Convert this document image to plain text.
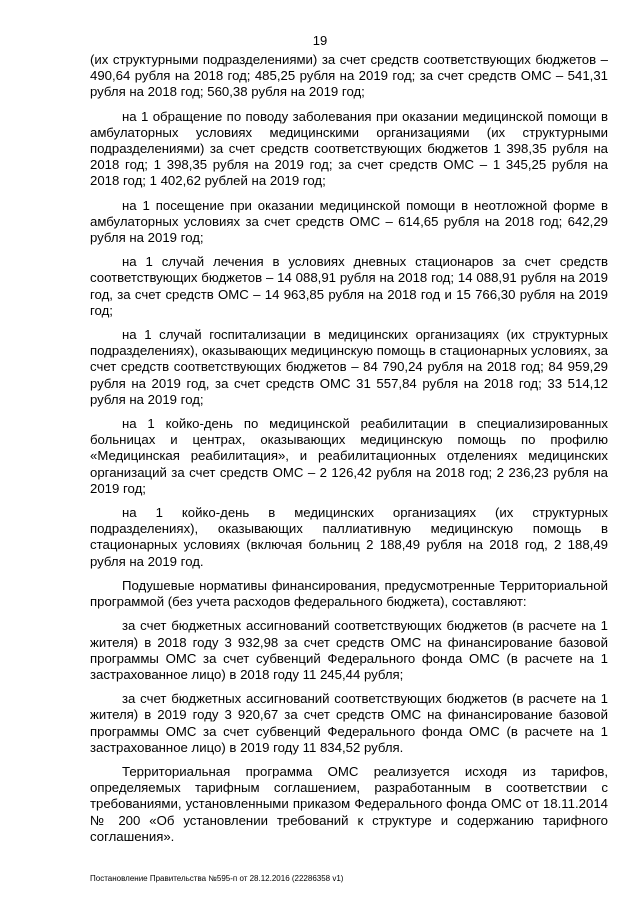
19

(их структурными подразделениями) за счет средств соответствующих бюджетов – 490,64 рубля на 2018 год; 485,25 рубля на 2019 год; за счет средств ОМС – 541,31 рубля на 2018 год; 560,38 рубля на 2019 год;

на 1 обращение по поводу заболевания при оказании медицинской помощи в амбулаторных условиях медицинскими организациями (их структурными подразделениями) за счет средств соответствующих бюджетов 1 398,35 рубля на 2018 год; 1 398,35 рубля на 2019 год; за счет средств ОМС – 1 345,25 рубля на 2018 год; 1 402,62 рублей на 2019 год;

на 1 посещение при оказании медицинской помощи в неотложной форме в амбулаторных условиях за счет средств ОМС – 614,65 рубля на 2018 год; 642,29 рубля на 2019 год;

на 1 случай лечения в условиях дневных стационаров за счет средств соответствующих бюджетов – 14 088,91 рубля на 2018 год; 14 088,91 рубля на 2019 год, за счет средств ОМС – 14 963,85 рубля на 2018 год и 15 766,30 рубля на 2019 год;

на 1 случай госпитализации в медицинских организациях (их структурных подразделениях), оказывающих медицинскую помощь в стационарных условиях, за счет средств соответствующих бюджетов – 84 790,24 рубля на 2018 год; 84 959,29 рубля на 2019 год, за счет средств ОМС 31 557,84 рубля на 2018 год; 33 514,12 рубля на 2019 год;

на 1 койко-день по медицинской реабилитации в специализированных больницах и центрах, оказывающих медицинскую помощь по профилю «Медицинская реабилитация», и реабилитационных отделениях медицинских организаций за счет средств ОМС – 2 126,42 рубля на 2018 год; 2 236,23 рубля на 2019 год;

на 1 койко-день в медицинских организациях (их структурных подразделениях), оказывающих паллиативную медицинскую помощь в стационарных условиях (включая больниц 2 188,49 рубля на 2018 год, 2 188,49 рубля на 2019 год.

Подушевые нормативы финансирования, предусмотренные Территориальной программой (без учета расходов федерального бюджета), составляют:

за счет бюджетных ассигнований соответствующих бюджетов (в расчете на 1 жителя) в 2018 году 3 932,98 за счет средств ОМС на финансирование базовой программы ОМС за счет субвенций Федерального фонда ОМС (в расчете на 1 застрахованное лицо) в 2018 году 11 245,44 рубля;

за счет бюджетных ассигнований соответствующих бюджетов (в расчете на 1 жителя) в 2019 году 3 920,67 за счет средств ОМС на финансирование базовой программы ОМС за счет субвенций Федерального фонда ОМС (в расчете на 1 застрахованное лицо) в 2019 году 11 834,52 рубля.

Территориальная программа ОМС реализуется исходя из тарифов, определяемых тарифным соглашением, разработанным в соответствии с требованиями, установленными приказом Федерального фонда ОМС от 18.11.2014 № 200 «Об установлении требований к структуре и содержанию тарифного соглашения».

Постановление Правительства №595-п от 28.12.2016 (22286358 v1)
